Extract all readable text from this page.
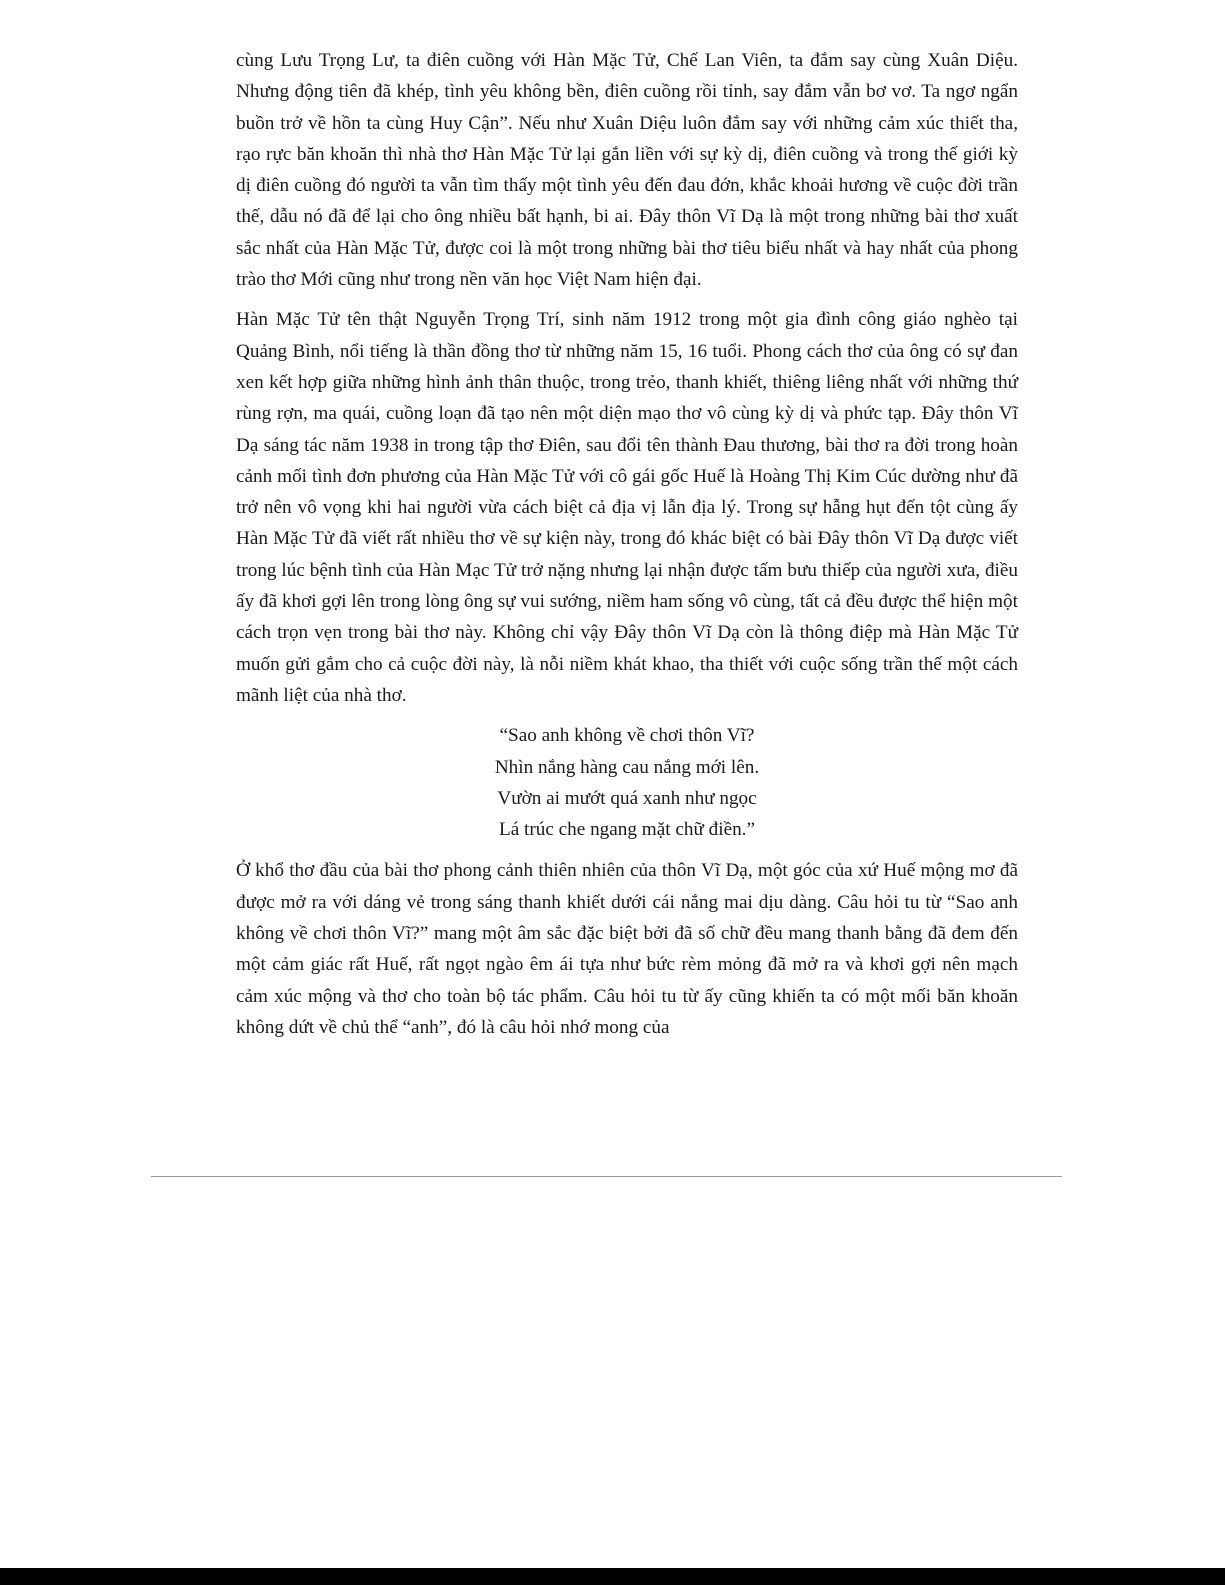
cùng Lưu Trọng Lư, ta điên cuồng với Hàn Mặc Tử, Chế Lan Viên, ta đắm say cùng Xuân Diệu. Nhưng động tiên đã khép, tình yêu không bền, điên cuồng rồi tỉnh, say đắm vẫn bơ vơ. Ta ngơ ngẩn buồn trở về hồn ta cùng Huy Cận”. Nếu như Xuân Diệu luôn đắm say với những cảm xúc thiết tha, rạo rực băn khoăn thì nhà thơ Hàn Mặc Tử lại gắn liền với sự kỳ dị, điên cuồng và trong thế giới kỳ dị điên cuồng đó người ta vẫn tìm thấy một tình yêu đến đau đớn, khắc khoải hương về cuộc đời trần thế, dẫu nó đã để lại cho ông nhiều bất hạnh, bi ai. Đây thôn Vĩ Dạ là một trong những bài thơ xuất sắc nhất của Hàn Mặc Tử, được coi là một trong những bài thơ tiêu biểu nhất và hay nhất của phong trào thơ Mới cũng như trong nền văn học Việt Nam hiện đại.

Hàn Mặc Tử tên thật Nguyễn Trọng Trí, sinh năm 1912 trong một gia đình công giáo nghèo tại Quảng Bình, nổi tiếng là thần đồng thơ từ những năm 15, 16 tuổi. Phong cách thơ của ông có sự đan xen kết hợp giữa những hình ảnh thân thuộc, trong trẻo, thanh khiết, thiêng liêng nhất với những thứ rùng rợn, ma quái, cuồng loạn đã tạo nên một diện mạo thơ vô cùng kỳ dị và phức tạp. Đây thôn Vĩ Dạ sáng tác năm 1938 in trong tập thơ Điên, sau đổi tên thành Đau thương, bài thơ ra đời trong hoàn cảnh mối tình đơn phương của Hàn Mặc Tử với cô gái gốc Huế là Hoàng Thị Kim Cúc dường như đã trở nên vô vọng khi hai người vừa cách biệt cả địa vị lẫn địa lý. Trong sự hẫng hụt đến tột cùng ấy Hàn Mặc Tử đã viết rất nhiều thơ về sự kiện này, trong đó khác biệt có bài Đây thôn Vĩ Dạ được viết trong lúc bệnh tình của Hàn Mạc Tử trở nặng nhưng lại nhận được tấm bưu thiếp của người xưa, điều ấy đã khơi gợi lên trong lòng ông sự vui sướng, niềm ham sống vô cùng, tất cả đều được thể hiện một cách trọn vẹn trong bài thơ này. Không chỉ vậy Đây thôn Vĩ Dạ còn là thông điệp mà Hàn Mặc Tử muốn gửi gắm cho cả cuộc đời này, là nỗi niềm khát khao, tha thiết với cuộc sống trần thế một cách mãnh liệt của nhà thơ.

“Sao anh không về chơi thôn Vĩ?
Nhìn nắng hàng cau nắng mới lên.
Vườn ai mướt quá xanh như ngọc
Lá trúc che ngang mặt chữ điền.”

Ở khổ thơ đầu của bài thơ phong cảnh thiên nhiên của thôn Vĩ Dạ, một góc của xứ Huế mộng mơ đã được mở ra với dáng vẻ trong sáng thanh khiết dưới cái nắng mai dịu dàng. Câu hỏi tu từ “Sao anh không về chơi thôn Vĩ?” mang một âm sắc đặc biệt bởi đã số chữ đều mang thanh bằng đã đem đến một cảm giác rất Huế, rất ngọt ngào êm ái tựa như bức rèm mỏng đã mở ra và khơi gợi nên mạch cảm xúc mộng và thơ cho toàn bộ tác phẩm. Câu hỏi tu từ ấy cũng khiến ta có một mối băn khoăn không dứt về chủ thể “anh”, đó là câu hỏi nhớ mong của
